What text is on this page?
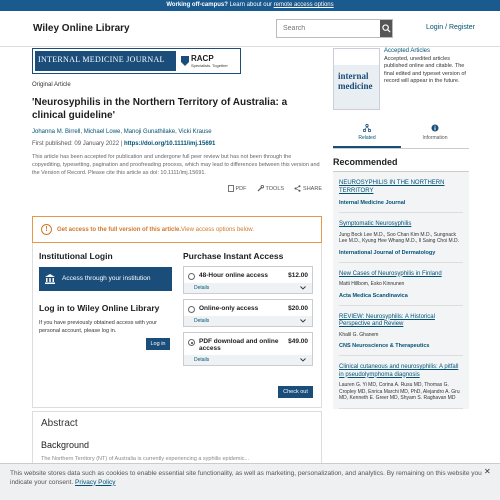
Working off-campus? Learn about our remote access options
Wiley Online Library
Search	Login / Register
INTERNAL MEDICINE JOURNAL	RACP
Specialists. Together
Original Article
'Neurosyphilis in the Northern Territory of Australia: a clinical guideline'
Johanna M. Birrell, Michael Lowe, Manoji Gunathilake, Vicki Krause
First published: 09 January 2022 | https://doi.org/10.1111/imj.15691
This article has been accepted for publication and undergone full peer review but has not been through the copyediting, typesetting, pagination and proofreading process, which may lead to differences between this version and the Version of Record. Please cite this article as doi: 10.1111/imj.15691.
PDF	TOOLS	SHARE
!	Get access to the full version of this article. View access options below.
Institutional Login
Access through your institution
Log in to Wiley Online Library
If you have previously obtained access with your personal account, please log in.
Log in
Purchase Instant Access
48-Hour online access	$12.00
Details
Online-only access	$20.00
Details
PDF download and online access
$49.00
Details
Check out
Abstract
Background
The Northern Territory (NT) of Australia is currently experiencing a syphilis epidemic...
internal medicine
Accepted Articles
Accepted, unedited articles published online and citable. The final edited and typeset version of record will appear in the future.
Related	Information
Recommended
NEUROSYPHILIS IN THE NORTHERN TERRITORY
Internal Medicine Journal
Symptomatic Neurosyphilis
Jung Bock Lee M.D., Soo Chan Kim M.D., Sungnack Lee M.D., Kyung Hee Whang M.D., Il Saing Choi M.D.
International Journal of Dermatology
New Cases of Neurosyphilis in Finland
Matti Hillbom, Esko Kinnunen
Acta Medica Scandinavica
REVIEW: Neurosyphilis: A Historical Perspective and Review
Khalil G. Ghanem
CNS Neuroscience & Therapeutics
Clinical cutaneous and neurosyphilis: A pitfall in pseudolymphoma diagnosis
Lauren G. Yi MD, Corina A. Rusu MD, Thomas G. Cropley MD, Enrica Marchi MD, PhD, Alejandro A. Gru MD, Kenneth E. Greer MD, Shyam S. Raghavan MD
This website stores data such as cookies to enable essential site functionality, as well as marketing, personalization, and analytics. By remaining on this website you indicate your consent. Privacy Policy
✕
